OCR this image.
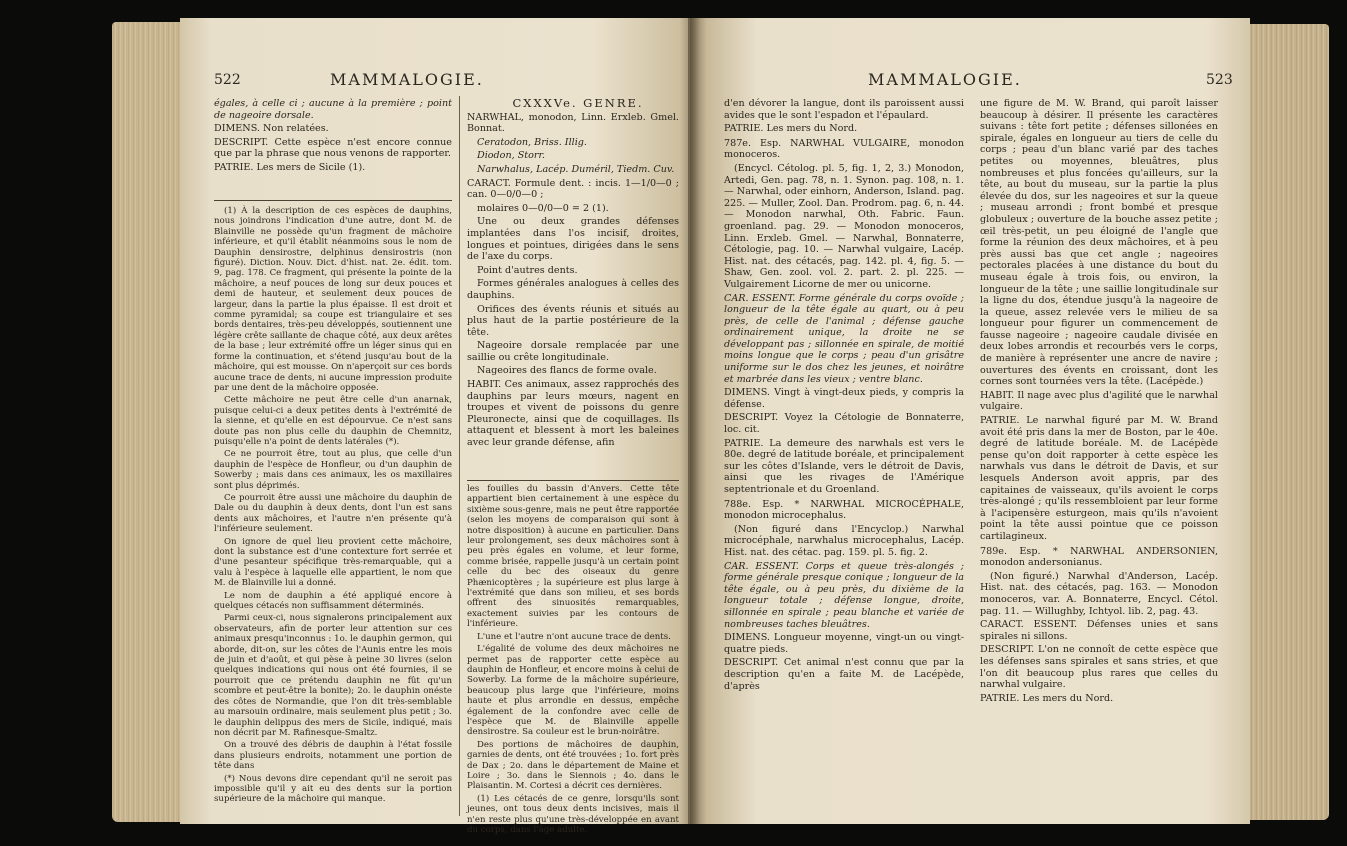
522	MAMMALOGIE.

égales, à celle ci ; aucune à la première ; point de nageoire dorsale.

DIMENS. Non relatées.

DESCRIPT. Cette espèce n'est encore connue que par la phrase que nous venons de rapporter.

PATRIE. Les mers de Sicile (1).

(1) À la description de ces espèces de dauphins, nous joindrons l'indication d'une autre, dont M. de Blainville ne possède qu'un fragment de mâchoire inférieure, et qu'il établit néanmoins sous le nom de Dauphin densirostre, delphinus densirostris (non figuré). Diction. Nouv. Dict. d'hist. nat. 2e. édit. tom. 9, pag. 178. Ce fragment, qui présente la pointe de la mâchoire, a neuf pouces de long sur deux pouces et demi de hauteur, et seulement deux pouces de largeur, dans la partie la plus épaisse. Il est droit et comme pyramidal; sa coupe est triangulaire et ses bords dentaires, très-peu développés, soutiennent une légère crête saillante de chaque côté, aux deux arêtes de la base ; leur extrémité offre un léger sinus qui en forme la continuation, et s'étend jusqu'au bout de la mâchoire, qui est mousse. On n'aperçoit sur ces bords aucune trace de dents, ni aucune impression produite par une dent de la mâchoire opposée.

Cette mâchoire ne peut être celle d'un anarnak, puisque celui-ci a deux petites dents à l'extrémité de la sienne, et qu'elle en est dépourvue. Ce n'est sans doute pas non plus celle du dauphin de Chemnitz, puisqu'elle n'a point de dents latérales (*).

Ce ne pourroit être, tout au plus, que celle d'un dauphin de l'espèce de Honfleur, ou d'un dauphin de Sowerby ; mais dans ces animaux, les os maxillaires sont plus déprimés.

Ce pourroit être aussi une mâchoire du dauphin de Dale ou du dauphin à deux dents, dont l'un est sans dents aux mâchoires, et l'autre n'en présente qu'à l'inférieure seulement.

On ignore de quel lieu provient cette mâchoire, dont la substance est d'une contexture fort serrée et d'une pesanteur spécifique très-remarquable, qui a valu à l'espèce à laquelle elle appartient, le nom que M. de Blainville lui a donné.

Le nom de dauphin a été appliqué encore à quelques cétacés non suffisamment déterminés.

Parmi ceux-ci, nous signalerons principalement aux observateurs, afin de porter leur attention sur ces animaux presqu'inconnus : 1o. le dauphin germon, qui aborde, dit-on, sur les côtes de l'Aunis entre les mois de juin et d'août, et qui pèse à peine 30 livres (selon quelques indications qui nous ont été fournies, il se pourroit que ce prétendu dauphin ne fût qu'un scombre et peut-être la bonite); 2o. le dauphin onéste des côtes de Normandie, que l'on dit très-semblable au marsouin ordinaire, mais seulement plus petit ; 3o. le dauphin delippus des mers de Sicile, indiqué, mais non décrit par M. Rafinesque-Smaltz.

On a trouvé des débris de dauphin à l'état fossile dans plusieurs endroits, notamment une portion de tête dans

(*) Nous devons dire cependant qu'il ne seroit pas impossible qu'il y ait eu des dents sur la portion supérieure de la mâchoire qui manque.

CXXXVe. GENRE.

NARWHAL, monodon, Linn. Erxleb. Gmel. Bonnat.

Ceratodon, Briss. Illig.

Diodon, Storr.

Narwhalus, Lacép. Duméril, Tiedm. Cuv.

CARACT. Formule dent. : incis. 1—1/0—0 ; can. 0—0/0—0 ;

molaires 0—0/0—0 = 2 (1).

Une ou deux grandes défenses implantées dans l'os incisif, droites, longues et pointues, dirigées dans le sens de l'axe du corps.

Point d'autres dents.

Formes générales analogues à celles des dauphins.

Orifices des évents réunis et situés au plus haut de la partie postérieure de la tête.

Nageoire dorsale remplacée par une saillie ou crête longitudinale.

Nageoires des flancs de forme ovale.

HABIT. Ces animaux, assez rapprochés des dauphins par leurs mœurs, nagent en troupes et vivent de poissons du genre Pleuronecte, ainsi que de coquillages. Ils attaquent et blessent à mort les baleines avec leur grande défense, afin

les fouilles du bassin d'Anvers. Cette tête appartient bien certainement à une espèce du sixième sous-genre, mais ne peut être rapportée (selon les moyens de comparaison qui sont à notre disposition) à aucune en particulier. Dans leur prolongement, ses deux mâchoires sont à peu près égales en volume, et leur forme, comme brisée, rappelle jusqu'à un certain point celle du bec des oiseaux du genre Phænicoptères ; la supérieure est plus large à l'extrémité que dans son milieu, et ses bords offrent des sinuosités remarquables, exactement suivies par les contours de l'inférieure.

L'une et l'autre n'ont aucune trace de dents.

L'égalité de volume des deux mâchoires ne permet pas de rapporter cette espèce au dauphin de Honfleur, et encore moins à celui de Sowerby. La forme de la mâchoire supérieure, beaucoup plus large que l'inférieure, moins haute et plus arrondie en dessus, empêche également de la confondre avec celle de l'espèce que M. de Blainville appelle densirostre. Sa couleur est le brun-noirâtre.

Des portions de mâchoires de dauphin, garnies de dents, ont été trouvées ; 1o. fort près de Dax ; 2o. dans le département de Maine et Loire ; 3o. dans le Siennois ; 4o. dans le Plaisantin. M. Cortesi a décrit ces dernières.

(1) Les cétacés de ce genre, lorsqu'ils sont jeunes, ont tous deux dents incisives, mais il n'en reste plus qu'une très-développée en avant du corps, dans l'âge adulte.

MAMMALOGIE.	523

d'en dévorer la langue, dont ils paroissent aussi avides que le sont l'espadon et l'épaulard.

PATRIE. Les mers du Nord.

787e. Esp. NARWHAL VULGAIRE, monodon monoceros.

(Encycl. Cétolog. pl. 5, fig. 1, 2, 3.) Monodon, Artedi, Gen. pag. 78, n. 1. Synon. pag. 108, n. 1. — Narwhal, oder einhorn, Anderson, Island. pag. 225. — Muller, Zool. Dan. Prodrom. pag. 6, n. 44. — Monodon narwhal, Oth. Fabric. Faun. groenland. pag. 29. — Monodon monoceros, Linn. Erxleb. Gmel. — Narwhal, Bonnaterre, Cétologie, pag. 10. — Narwhal vulgaire, Lacép. Hist. nat. des cétacés, pag. 142. pl. 4, fig. 5. — Shaw, Gen. zool. vol. 2. part. 2. pl. 225. — Vulgairement Licorne de mer ou unicorne.

CAR. ESSENT. Forme générale du corps ovoïde ; longueur de la tête égale au quart, ou à peu près, de celle de l'animal ; défense gauche ordinairement unique, la droite ne se développant pas ; sillonnée en spirale, de moitié moins longue que le corps ; peau d'un grisâtre uniforme sur le dos chez les jeunes, et noirâtre et marbrée dans les vieux ; ventre blanc.

DIMENS. Vingt à vingt-deux pieds, y compris la défense.

DESCRIPT. Voyez la Cétologie de Bonnaterre, loc. cit.

PATRIE. La demeure des narwhals est vers le 80e. degré de latitude boréale, et principalement sur les côtes d'Islande, vers le détroit de Davis, ainsi que les rivages de l'Amérique septentrionale et du Groenland.

788e. Esp. * NARWHAL MICROCÉPHALE, monodon microcephalus.

(Non figuré dans l'Encyclop.) Narwhal microcéphale, narwhalus microcephalus, Lacép. Hist. nat. des cétac. pag. 159. pl. 5. fig. 2.

CAR. ESSENT. Corps et queue très-alongés ; forme générale presque conique ; longueur de la tête égale, ou à peu près, du dixième de la longueur totale ; défense longue, droite, sillonnée en spirale ; peau blanche et variée de nombreuses taches bleuâtres.

DIMENS. Longueur moyenne, vingt-un ou vingt-quatre pieds.

DESCRIPT. Cet animal n'est connu que par la description qu'en a faite M. de Lacépède, d'après

une figure de M. W. Brand, qui paroît laisser beaucoup à désirer. Il présente les caractères suivans : tête fort petite ; défenses sillonées en spirale, égales en longueur au tiers de celle du corps ; peau d'un blanc varié par des taches petites ou moyennes, bleuâtres, plus nombreuses et plus foncées qu'ailleurs, sur la tête, au bout du museau, sur la partie la plus élevée du dos, sur les nageoires et sur la queue ; museau arrondi ; front bombé et presque globuleux ; ouverture de la bouche assez petite ; œil très-petit, un peu éloigné de l'angle que forme la réunion des deux mâchoires, et à peu près aussi bas que cet angle ; nageoires pectorales placées à une distance du bout du museau égale à trois fois, ou environ, la longueur de la tête ; une saillie longitudinale sur la ligne du dos, étendue jusqu'à la nageoire de la queue, assez relevée vers le milieu de sa longueur pour figurer un commencement de fausse nageoire ; nageoire caudale divisée en deux lobes arrondis et recourbés vers le corps, de manière à représenter une ancre de navire ; ouvertures des évents en croissant, dont les cornes sont tournées vers la tête. (Lacépède.)

HABIT. Il nage avec plus d'agilité que le narwhal vulgaire.

PATRIE. Le narwhal figuré par M. W. Brand avoit été pris dans la mer de Boston, par le 40e. degré de latitude boréale. M. de Lacépède pense qu'on doit rapporter à cette espèce les narwhals vus dans le détroit de Davis, et sur lesquels Anderson avoit appris, par des capitaines de vaisseaux, qu'ils avoient le corps très-alongé ; qu'ils ressembloient par leur forme à l'acipensère esturgeon, mais qu'ils n'avoient point la tête aussi pointue que ce poisson cartilagineux.

789e. Esp. * NARWHAL ANDERSONIEN, monodon andersonianus.

(Non figuré.) Narwhal d'Anderson, Lacép. Hist. nat. des cétacés, pag. 163. — Monodon monoceros, var. A. Bonnaterre, Encycl. Cétol. pag. 11. — Willughby, Ichtyol. lib. 2, pag. 43.

CARACT. ESSENT. Défenses unies et sans spirales ni sillons.

DESCRIPT. L'on ne connoît de cette espèce que les défenses sans spirales et sans stries, et que l'on dit beaucoup plus rares que celles du narwhal vulgaire.

PATRIE. Les mers du Nord.
